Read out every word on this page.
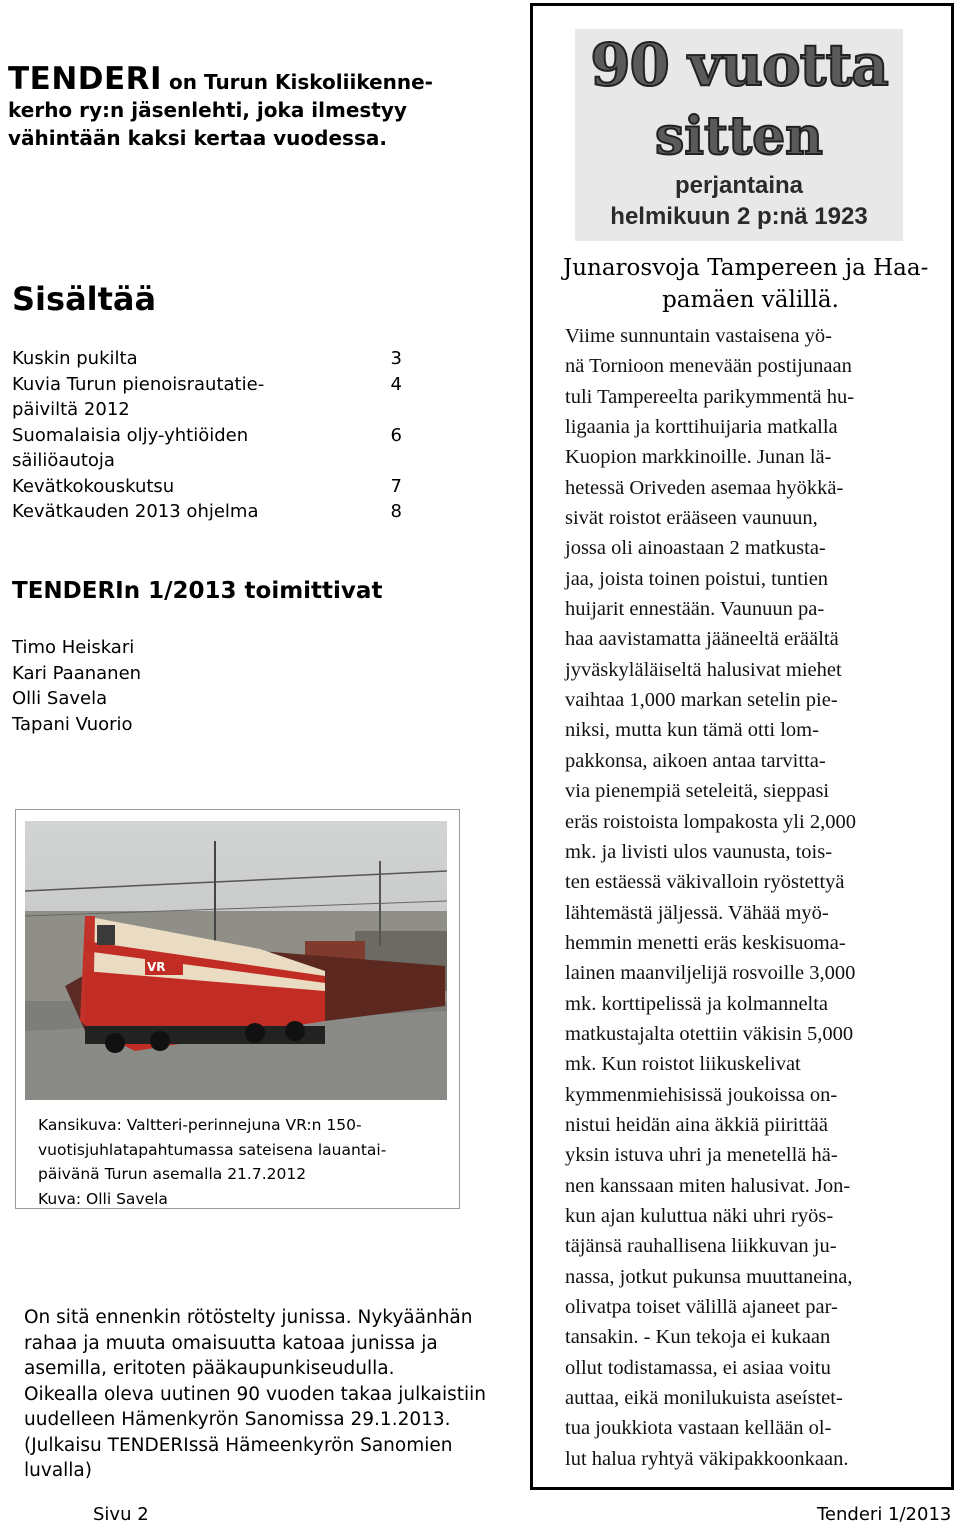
TENDERI on Turun Kiskoliikenne-
kerho ry:n jäsenlehti, joka ilmestyy
vähintään kaksi kertaa vuodessa.
Sisältää
Kuskin pukilta	3
Kuvia Turun pienoisrautatie-	4
päiviltä 2012
Suomalaisia oljy-yhtiöiden	6
säiliöautoja
Kevätkokouskutsu	7
Kevätkauden 2013 ohjelma	8
TENDERIn 1/2013 toimittivat
Timo Heiskari
Kari Paananen
Olli Savela
Tapani Vuorio
VR
Kansikuva: Valtteri-perinnejuna VR:n 150-
vuotisjuhlatapahtumassa sateisena lauantai-
päivänä Turun asemalla 21.7.2012
Kuva: Olli Savela
On sitä ennenkin rötöstelty junissa. Nykyäänhän
rahaa ja muuta omaisuutta katoaa junissa ja
asemilla, eritoten pääkaupunkiseudulla.
Oikealla oleva uutinen 90 vuoden takaa julkaistiin
uudelleen Hämenkyrön Sanomissa 29.1.2013.
(Julkaisu TENDERIssä Hämeenkyrön Sanomien
luvalla)
Sivu 2	Tenderi 1/2013
90 vuotta
sitten
perjantaina
helmikuun 2 p:nä 1923
Junarosvoja Tampereen ja Haa-
pamäen välillä.
Viime sunnuntain vastaisena yö-
nä Tornioon menevään postijunaan
tuli Tampereelta parikymmentä hu-
ligaania ja korttihuijaria matkalla
Kuopion markkinoille. Junan lä-
hetessä Oriveden asemaa hyökkä-
sivät roistot erääseen vaunuun,
jossa oli ainoastaan 2 matkusta-
jaa, joista toinen poistui, tuntien
huijarit ennestään. Vaunuun pa-
haa aavistamatta jääneeltä eräältä
jyväskyläläiseltä halusivat miehet
vaihtaa 1,000 markan setelin pie-
niksi, mutta kun tämä otti lom-
pakkonsa, aikoen antaa tarvitta-
via pienempiä seteleitä, sieppasi
eräs roistoista lompakosta yli 2,000
mk. ja livisti ulos vaunusta, tois-
ten estäessä väkivalloin ryöstettyä
lähtemästä jäljessä. Vähää myö-
hemmin menetti eräs keskisuoma-
lainen maanviljelijä rosvoille 3,000
mk. korttipelissä ja kolmannelta
matkustajalta otettiin väkisin 5,000
mk. Kun roistot liikuskelivat
kymmenmiehisissä joukoissa on-
nistui heidän aina äkkiä piirittää
yksin istuva uhri ja menetellä hä-
nen kanssaan miten halusivat. Jon-
kun ajan kuluttua näki uhri ryös-
täjänsä rauhallisena liikkuvan ju-
nassa, jotkut pukunsa muuttaneina,
olivatpa toiset välillä ajaneet par-
tansakin. - Kun tekoja ei kukaan
ollut todistamassa, ei asiaa voitu
auttaa, eikä monilukuista aseístet-
tua joukkiota vastaan kellään ol-
lut halua ryhtyä väkipakkoonkaan.
